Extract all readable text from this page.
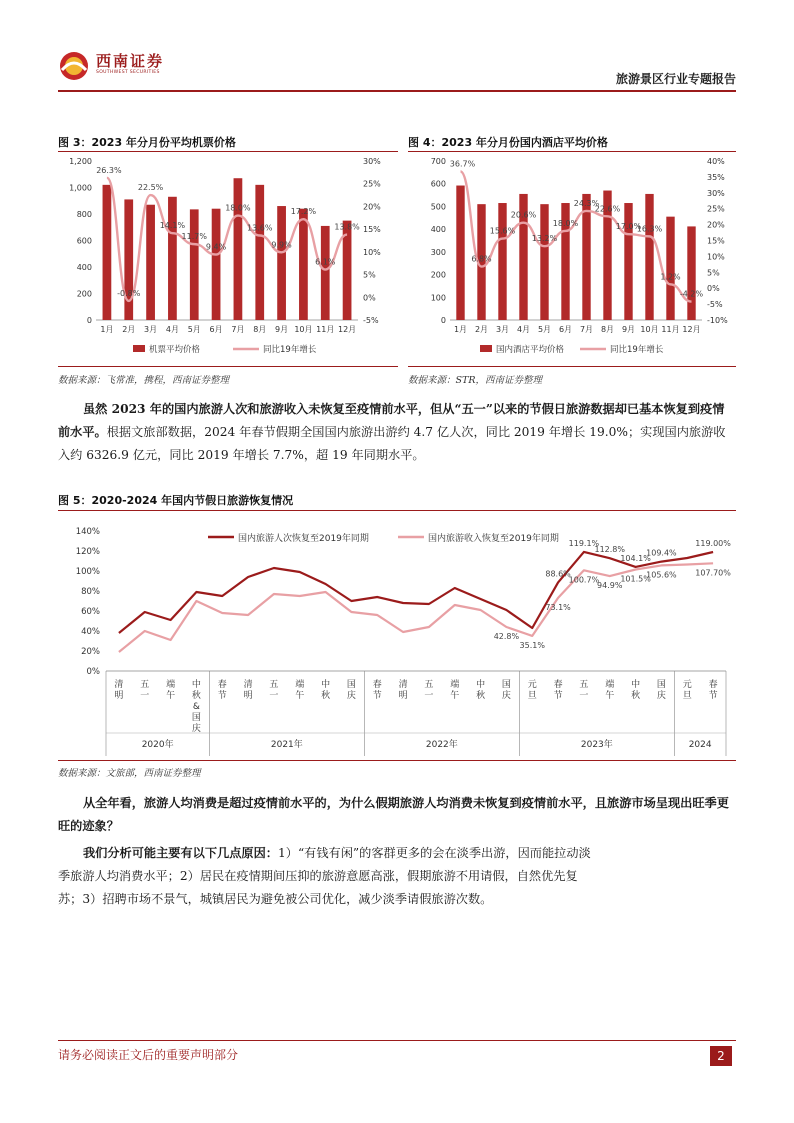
西南证券
SOUTHWEST SECURITIES	旅游景区行业专题报告
图 3：2023 年分月份平均机票价格
0
200
400
600
800
1,000
1,200
-5%
0%
5%
10%
15%
20%
25%
30%
1月 2月 3月 4月 5月 6月 7月 8月 9月 10月 11月 12月
26.3%
-0.8%
22.5%
14.1%
11.7%
9.4%
18.0%
13.6%
9.9%
17.2%
6.1%
13.8%
机票平均价格	同比19年增长
数据来源：飞常准，携程，西南证券整理
图 4：2023 年分月份国内酒店平均价格
0
100
200
300
400
500
600
700
-10%
-5%
0%
5%
10%
15%
20%
25%
30%
35%
40%
1月 2月 3月 4月 5月 6月 7月 8月 9月 10月 11月 12月
36.7%
6.8%
15.6%
20.6%
13.2%
18.0%
24.3%
22.6%
17.0%
16.3%
1.2%
-4.2%
国内酒店平均价格	同比19年增长
数据来源：STR，西南证券整理
虽然 2023 年的国内旅游人次和旅游收入未恢复至疫情前水平，但从“五一”以来的节假日旅游数据却已基本恢复到疫情前水平。根据文旅部数据，2024 年春节假期全国国内旅游出游约 4.7 亿人次，同比 2019 年增长 19.0%；实现国内旅游收入约 6326.9 亿元，同比 2019 年增长 7.7%，超 19 年同期水平。
图 5：2020-2024 年国内节假日旅游恢复情况
0%
20%
40%
60%
80%
100%
120%
140%
清
明
五
一
端
午
中
秋
&
国
庆
春
节
清
明
五
一
端
午
中
秋
国
庆
春
节
清
明
五
一
端
午
中
秋
国
庆
元
旦
春
节
五
一
端
午
中
秋
国
庆
元
旦
春
节
2020年	2021年	2022年	2023年	2024
88.6%
119.1%
112.8%
104.1%
109.4%
119.00%
42.8%
35.1%
73.1%
100.7%
94.9%
101.5%
105.6% 107.70%
国内旅游人次恢复至2019年同期	国内旅游收入恢复至2019年同期
数据来源：文旅部，西南证券整理
从全年看，旅游人均消费是超过疫情前水平的，为什么假期旅游人均消费未恢复到疫情前水平，且旅游市场呈现出旺季更旺的迹象？
我们分析可能主要有以下几点原因：1）“有钱有闲”的客群更多的会在淡季出游，因而能拉动淡季旅游人均消费水平；2）居民在疫情期间压抑的旅游意愿高涨，假期旅游不用请假，自然优先复苏；3）招聘市场不景气，城镇居民为避免被公司优化，减少淡季请假旅游次数。
请务必阅读正文后的重要声明部分	2
